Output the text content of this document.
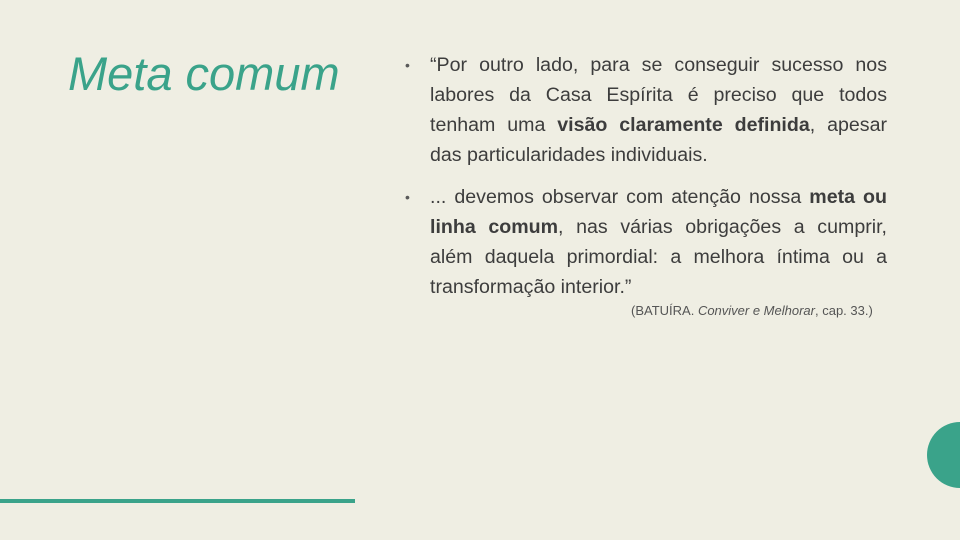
Meta comum	•	“Por outro lado, para se conseguir sucesso nos labores da Casa Espírita é preciso que todos tenham uma visão claramente definida, apesar das particularidades individuais.

•	... devemos observar com atenção nossa meta ou linha comum, nas várias obrigações a cumprir, além daquela primordial: a melhora íntima ou a transformação interior.”

(BATUÍRA. Conviver e Melhorar, cap. 33.)
